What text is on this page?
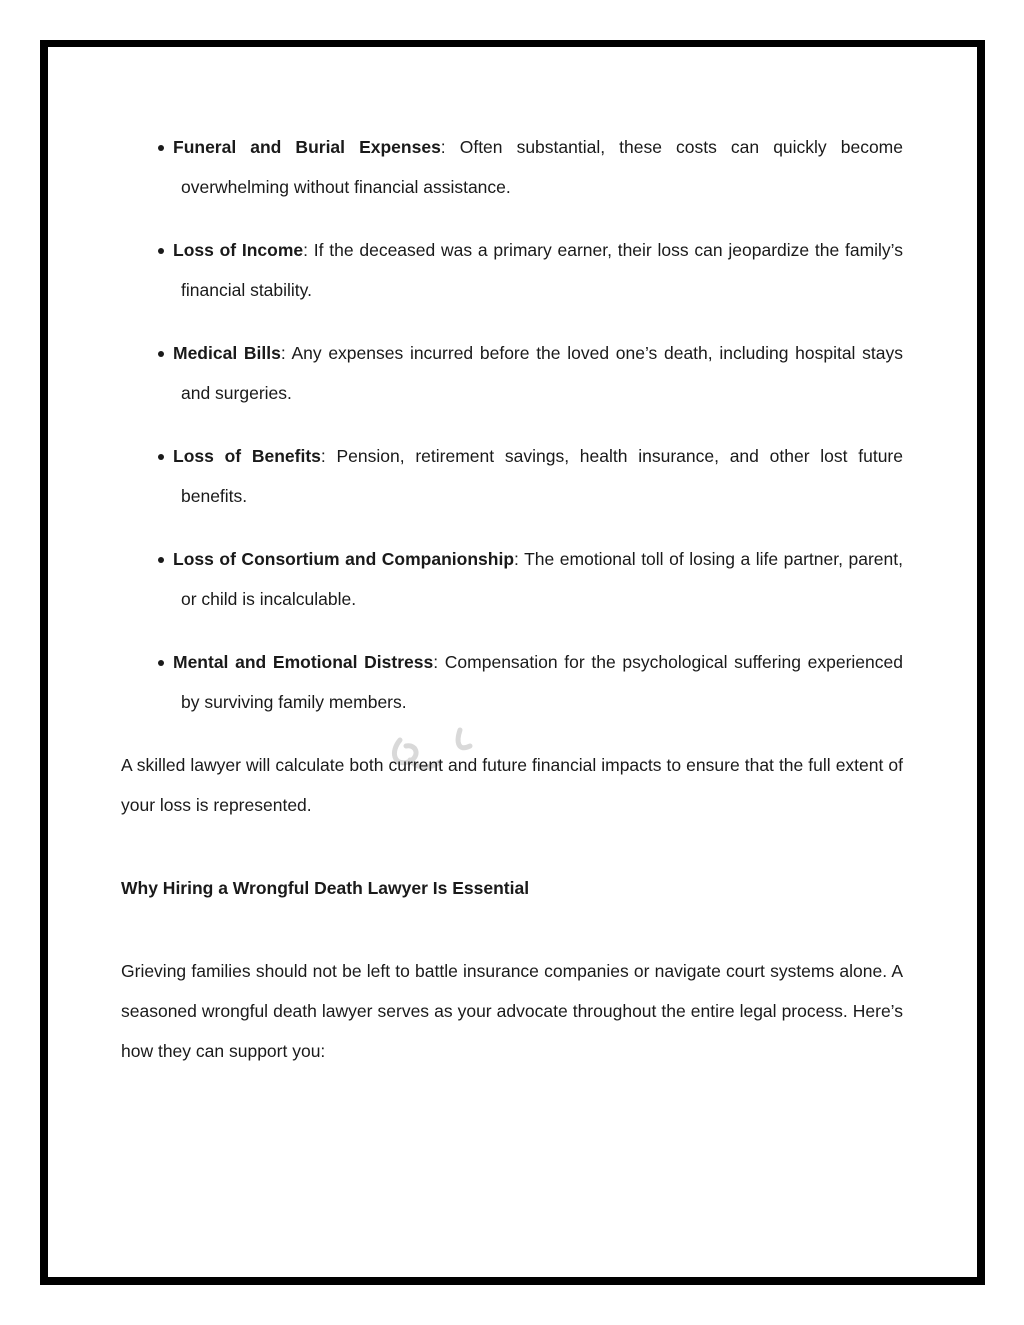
Funeral and Burial Expenses: Often substantial, these costs can quickly become overwhelming without financial assistance.
Loss of Income: If the deceased was a primary earner, their loss can jeopardize the family’s financial stability.
Medical Bills: Any expenses incurred before the loved one’s death, including hospital stays and surgeries.
Loss of Benefits: Pension, retirement savings, health insurance, and other lost future benefits.
Loss of Consortium and Companionship: The emotional toll of losing a life partner, parent, or child is incalculable.
Mental and Emotional Distress: Compensation for the psychological suffering experienced by surviving family members.

A skilled lawyer will calculate both current and future financial impacts to ensure that the full extent of your loss is represented.

Why Hiring a Wrongful Death Lawyer Is Essential

Grieving families should not be left to battle insurance companies or navigate court systems alone. A seasoned wrongful death lawyer serves as your advocate throughout the entire legal process. Here’s how they can support you:
